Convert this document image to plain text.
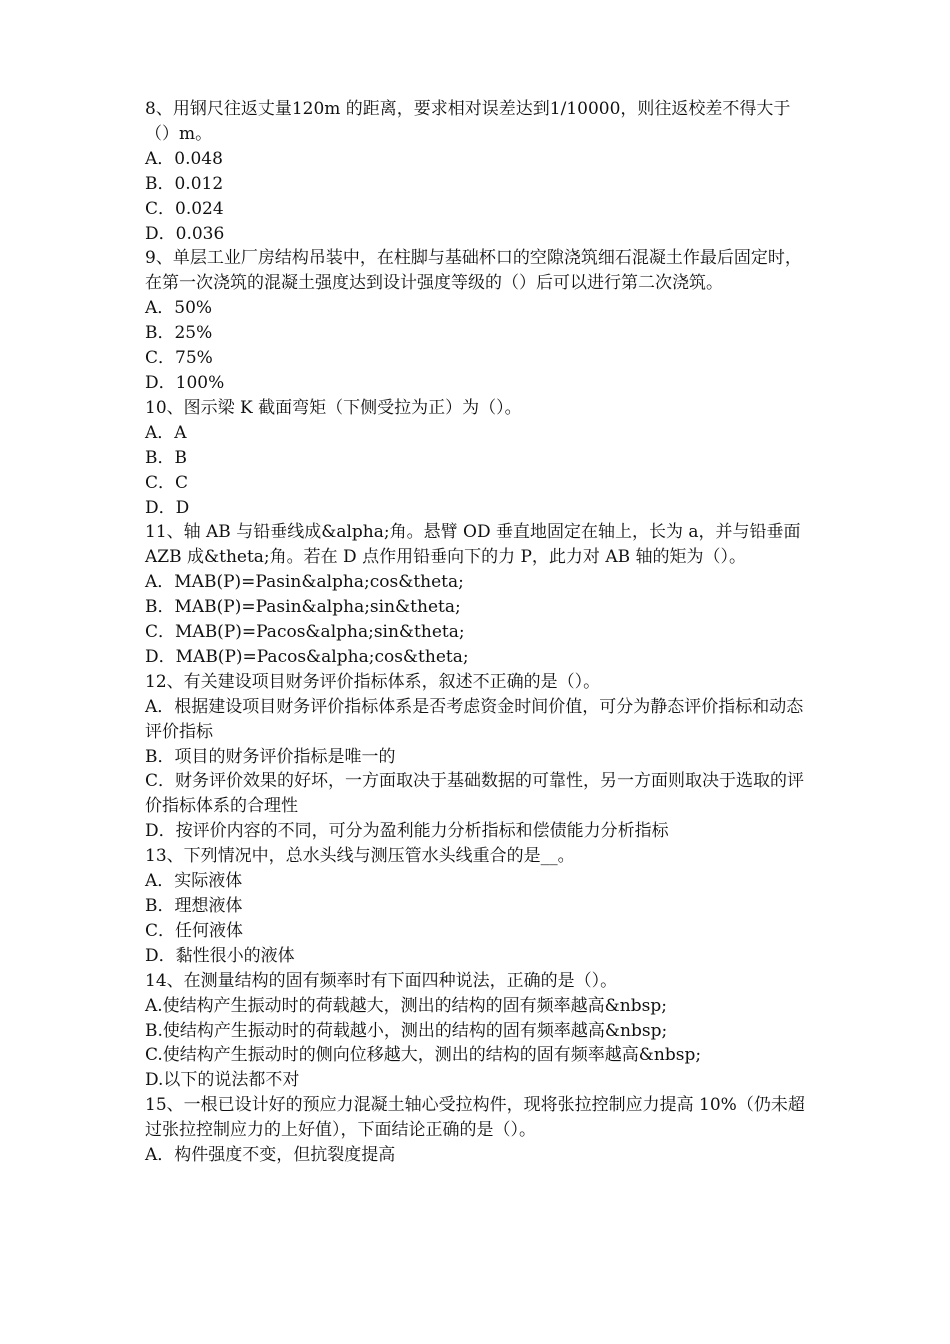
8、用钢尺往返丈量120m 的距离，要求相对误差达到1/10000，则往返校差不得大于（）m。

A．0.048

B．0.012

C．0.024

D．0.036

9、单层工业厂房结构吊装中，在柱脚与基础杯口的空隙浇筑细石混凝土作最后固定时，在第一次浇筑的混凝土强度达到设计强度等级的（）后可以进行第二次浇筑。

A．50%

B．25%

C．75%

D．100%

10、图示梁 K 截面弯矩（下侧受拉为正）为（）。

A．A

B．B

C．C

D．D

11、轴 AB 与铅垂线成&alpha;角。悬臂 OD 垂直地固定在轴上，长为 a，并与铅垂面 AZB 成&theta;角。若在 D 点作用铅垂向下的力 P，此力对 AB 轴的矩为（）。

A．MAB(P)=Pasin&alpha;cos&theta;

B．MAB(P)=Pasin&alpha;sin&theta;

C．MAB(P)=Pacos&alpha;sin&theta;

D．MAB(P)=Pacos&alpha;cos&theta;

12、有关建设项目财务评价指标体系，叙述不正确的是（）。

A．根据建设项目财务评价指标体系是否考虑资金时间价值，可分为静态评价指标和动态评价指标

B．项目的财务评价指标是唯一的

C．财务评价效果的好坏，一方面取决于基础数据的可靠性，另一方面则取决于选取的评价指标体系的合理性

D．按评价内容的不同，可分为盈利能力分析指标和偿债能力分析指标

13、下列情况中，总水头线与测压管水头线重合的是__。

A．实际液体

B．理想液体

C．任何液体

D．黏性很小的液体

14、在测量结构的固有频率时有下面四种说法，正确的是（）。

A.使结构产生振动时的荷载越大，测出的结构的固有频率越高&nbsp;

B.使结构产生振动时的荷载越小，测出的结构的固有频率越高&nbsp;

C.使结构产生振动时的侧向位移越大，测出的结构的固有频率越高&nbsp;

D.以下的说法都不对

15、一根已设计好的预应力混凝土轴心受拉构件，现将张拉控制应力提高 10%（仍未超过张拉控制应力的上好值），下面结论正确的是（）。

A．构件强度不变，但抗裂度提高
